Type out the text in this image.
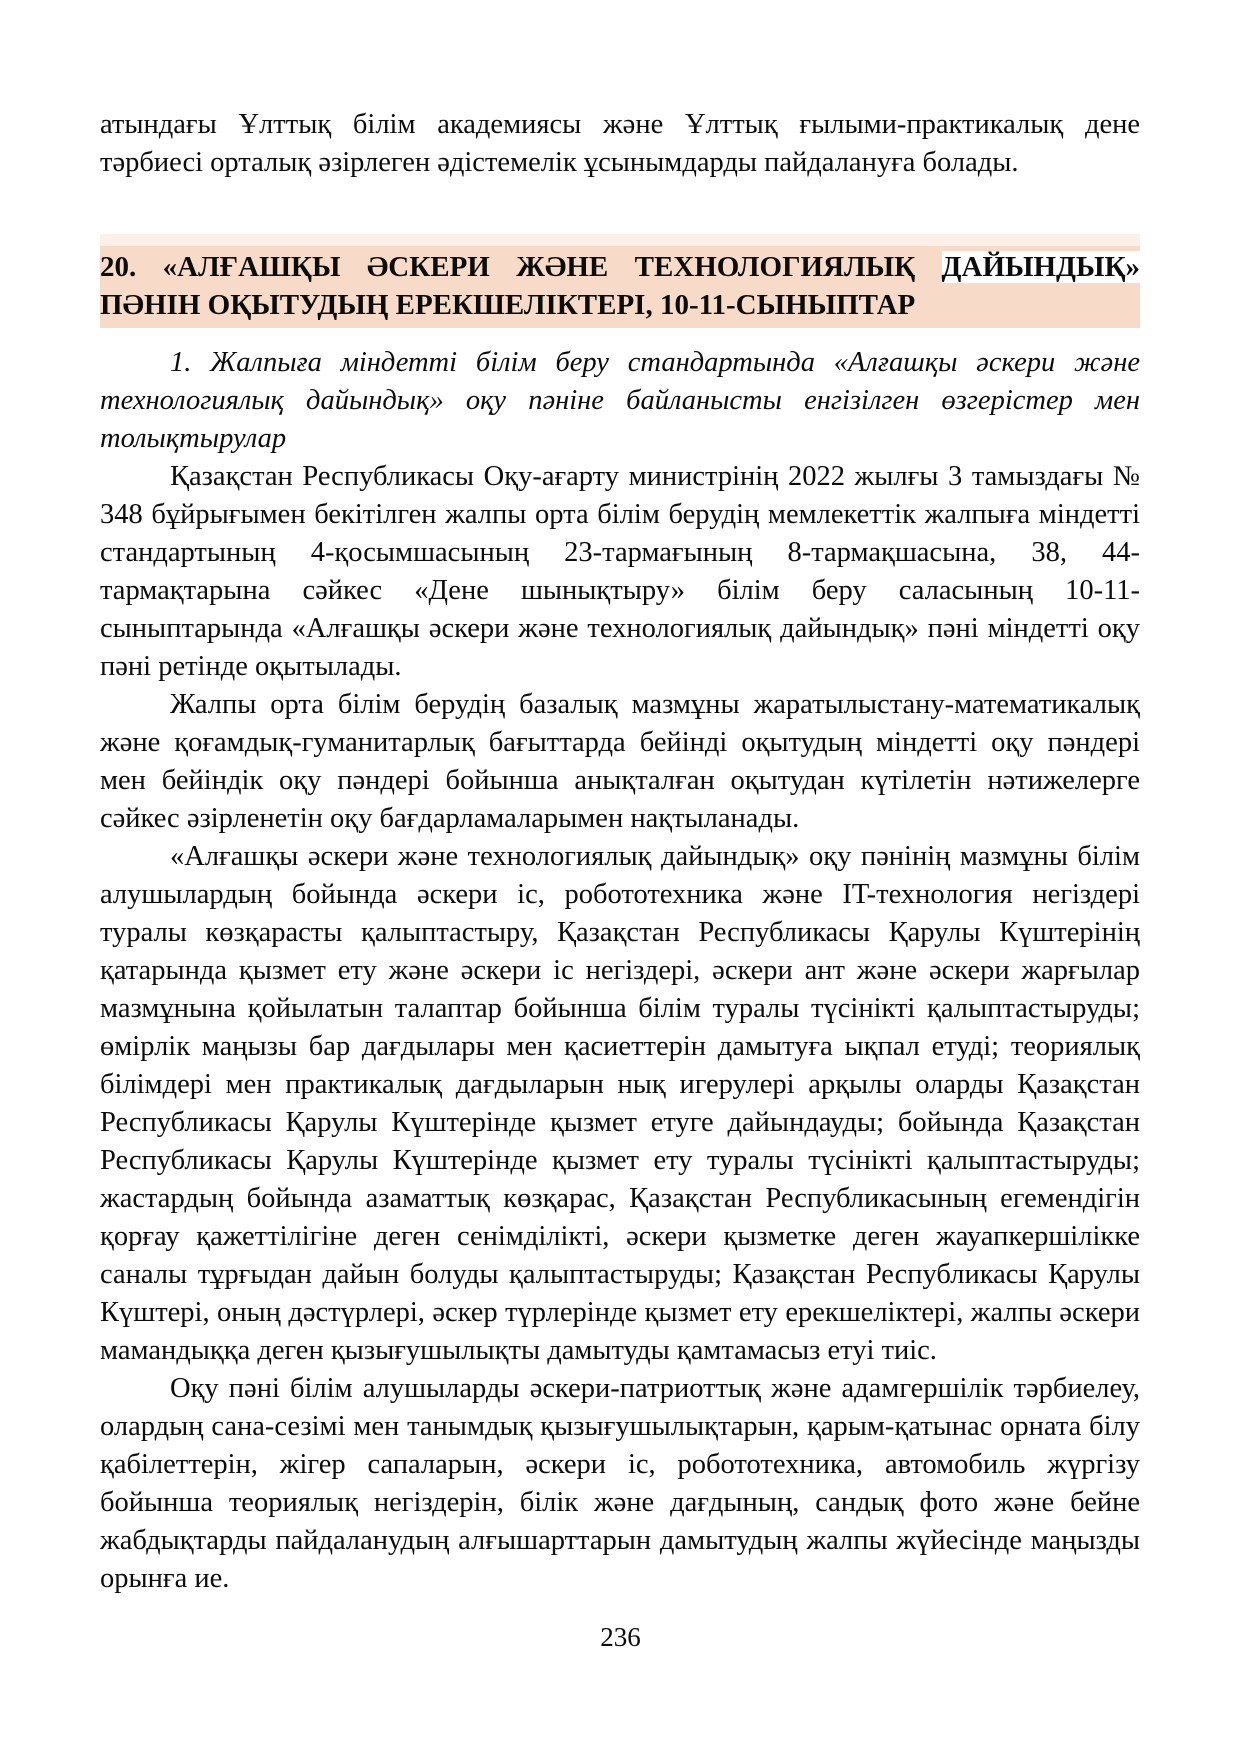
атындағы Ұлттық білім академиясы және Ұлттық ғылыми-практикалық дене тәрбиесі орталық әзірлеген әдістемелік ұсынымдарды пайдалануға болады.

20. «АЛҒАШҚЫ ӘСКЕРИ ЖӘНЕ ТЕХНОЛОГИЯЛЫҚ ДАЙЫНДЫҚ»
ПӘНІН ОҚЫТУДЫҢ ЕРЕКШЕЛІКТЕРІ, 10-11-СЫНЫПТАР

1. Жалпыға міндетті білім беру стандартында «Алғашқы әскери және технологиялық дайындық» оқу пәніне байланысты енгізілген өзгерістер мен толықтырулар

Қазақстан Республикасы Оқу-ағарту министрінің 2022 жылғы 3 тамыздағы № 348 бұйрығымен бекітілген жалпы орта білім берудің мемлекеттік жалпыға міндетті стандартының 4-қосымшасының 23-тармағының 8-тармақшасына, 38, 44-тармақтарына сәйкес «Дене шынықтыру» білім беру саласының 10-11-сыныптарында «Алғашқы әскери және технологиялық дайындық» пәні міндетті оқу пәні ретінде оқытылады.

Жалпы орта білім берудің базалық мазмұны жаратылыстану-математикалық және қоғамдық-гуманитарлық бағыттарда бейінді оқытудың міндетті оқу пәндері мен бейіндік оқу пәндері бойынша анықталған оқытудан күтілетін нәтижелерге сәйкес әзірленетін оқу бағдарламаларымен нақтыланады.

«Алғашқы әскери және технологиялық дайындық» оқу пәнінің мазмұны білім алушылардың бойында әскери іс, робототехника және IT-технология негіздері туралы көзқарасты қалыптастыру, Қазақстан Республикасы Қарулы Күштерінің қатарында қызмет ету және әскери іс негіздері, әскери ант және әскери жарғылар мазмұнына қойылатын талаптар бойынша білім туралы түсінікті қалыптастыруды; өмірлік маңызы бар дағдылары мен қасиеттерін дамытуға ықпал етуді; теориялық білімдері мен практикалық дағдыларын нық игерулері арқылы оларды Қазақстан Республикасы Қарулы Күштерінде қызмет етуге дайындауды; бойында Қазақстан Республикасы Қарулы Күштерінде қызмет ету туралы түсінікті қалыптастыруды; жастардың бойында азаматтық көзқарас, Қазақстан Республикасының егемендігін қорғау қажеттілігіне деген сенімділікті, әскери қызметке деген жауапкершілікке саналы тұрғыдан дайын болуды қалыптастыруды; Қазақстан Республикасы Қарулы Күштері, оның дәстүрлері, әскер түрлерінде қызмет ету ерекшеліктері, жалпы әскери мамандыққа деген қызығушылықты дамытуды қамтамасыз етуі тиіс.

Оқу пәні білім алушыларды әскери-патриоттық және адамгершілік тәрбиелеу, олардың сана-сезімі мен танымдық қызығушылықтарын, қарым-қатынас орната білу қабілеттерін, жігер сапаларын, әскери іс, робототехника, автомобиль жүргізу бойынша теориялық негіздерін, білік және дағдының, сандық фото және бейне жабдықтарды пайдаланудың алғышарттарын дамытудың жалпы жүйесінде маңызды орынға ие.

236
